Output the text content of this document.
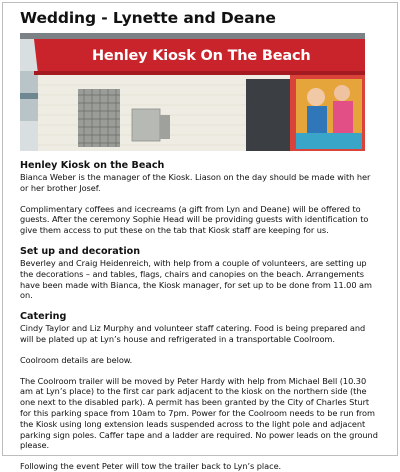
Wedding - Lynette and Deane
Henley Kiosk On The Beach
Henley Kiosk on the Beach

Bianca Weber is the manager of the Kiosk. Liason on the day should be made with her or her brother Josef.

Complimentary coffees and icecreams (a gift from Lyn and Deane) will be offered to guests. After the ceremony Sophie Head will be providing guests with identification to give them access to put these on the tab that Kiosk staff are keeping for us.

Set up and decoration

Beverley and Craig Heidenreich, with help from a couple of volunteers, are setting up the decorations – and tables, flags, chairs and canopies on the beach. Arrangements have been made with Bianca, the Kiosk manager, for set up to be done from 11.00 am on.

Catering

Cindy Taylor and Liz Murphy and volunteer staff catering. Food is being prepared and will be plated up at Lyn’s house and refrigerated in a transportable Coolroom.

Coolroom details are below.

The Coolroom trailer will be moved by Peter Hardy with help from Michael Bell (10.30 am at Lyn’s place) to the first car park adjacent to the kiosk on the northern side (the one next to the disabled park). A permit has been granted by the City of Charles Sturt for this parking space from 10am to 7pm. Power for the Coolroom needs to be run from the Kiosk using long extension leads suspended across to the light pole and adjacent parking sign poles. Caffer tape and a ladder are required. No power leads on the ground please.

Following the event Peter will tow the trailer back to Lyn’s place.
